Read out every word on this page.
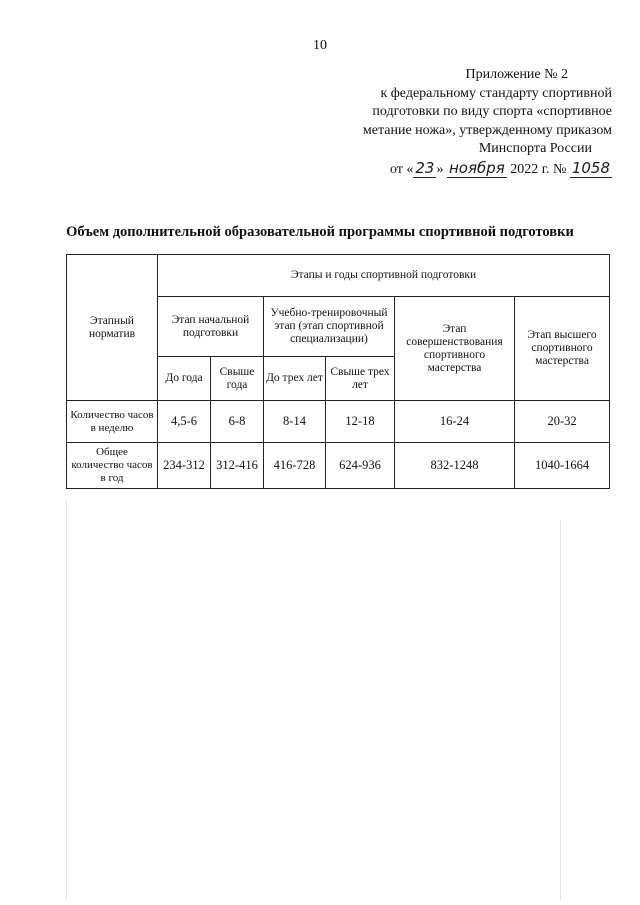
10
Приложение № 2
к федеральному стандарту спортивной
подготовки по виду спорта «спортивное
метание ножа», утвержденному приказом
Минспорта России
от « 23 » ноября 2022 г. № 1058
Объем дополнительной образовательной программы спортивной подготовки
Этапный норматив	Этапы и годы спортивной подготовки					
	Этап начальной подготовки		Учебно-тренировочный этап (этап спортивной специализации)		Этап совершенствования спортивного мастерства	Этап высшего спортивного мастерства
	До года	Свыше года	До трех лет	Свыше трех лет		
Количество часов в неделю	4,5-6	6-8	8-14	12-18	16-24	20-32
Общее количество часов в год	234-312	312-416	416-728	624-936	832-1248	1040-1664
